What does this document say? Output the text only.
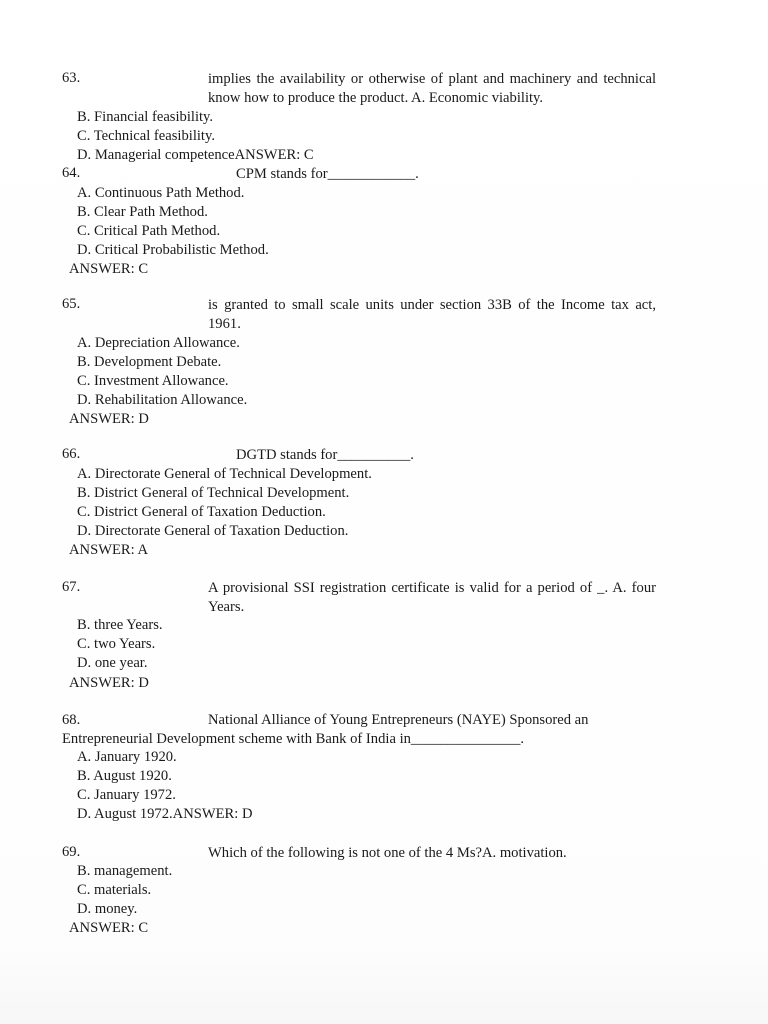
63.	implies the availability or otherwise of plant and machinery and technical know how to produce the product. A. Economic viability.
B. Financial feasibility.
C. Technical feasibility.
D. Managerial competenceANSWER: C
64.	CPM stands for____________.
A. Continuous Path Method.
B. Clear Path Method.
C. Critical Path Method.
D. Critical Probabilistic Method.
ANSWER: C
65.	is granted to small scale units under section 33B of the Income tax act, 1961.
A. Depreciation Allowance.
B. Development Debate.
C. Investment Allowance.
D. Rehabilitation Allowance.
ANSWER: D
66.	DGTD stands for__________.
A. Directorate General of Technical Development.
B. District General of Technical Development.
C. District General of Taxation Deduction.
D. Directorate General of Taxation Deduction.
ANSWER: A
67.	A provisional SSI registration certificate is valid for a period of _. A. four Years.
B. three Years.
C. two Years.
D. one year.
ANSWER: D
68.	National Alliance of Young Entrepreneurs (NAYE) Sponsored an Entrepreneurial Development scheme with Bank of India in_______________.
A. January 1920.
B. August 1920.
C. January 1972.
D. August 1972.ANSWER: D
69.	Which of the following is not one of the 4 Ms?A. motivation.
B. management.
C. materials.
D. money.
ANSWER: C
